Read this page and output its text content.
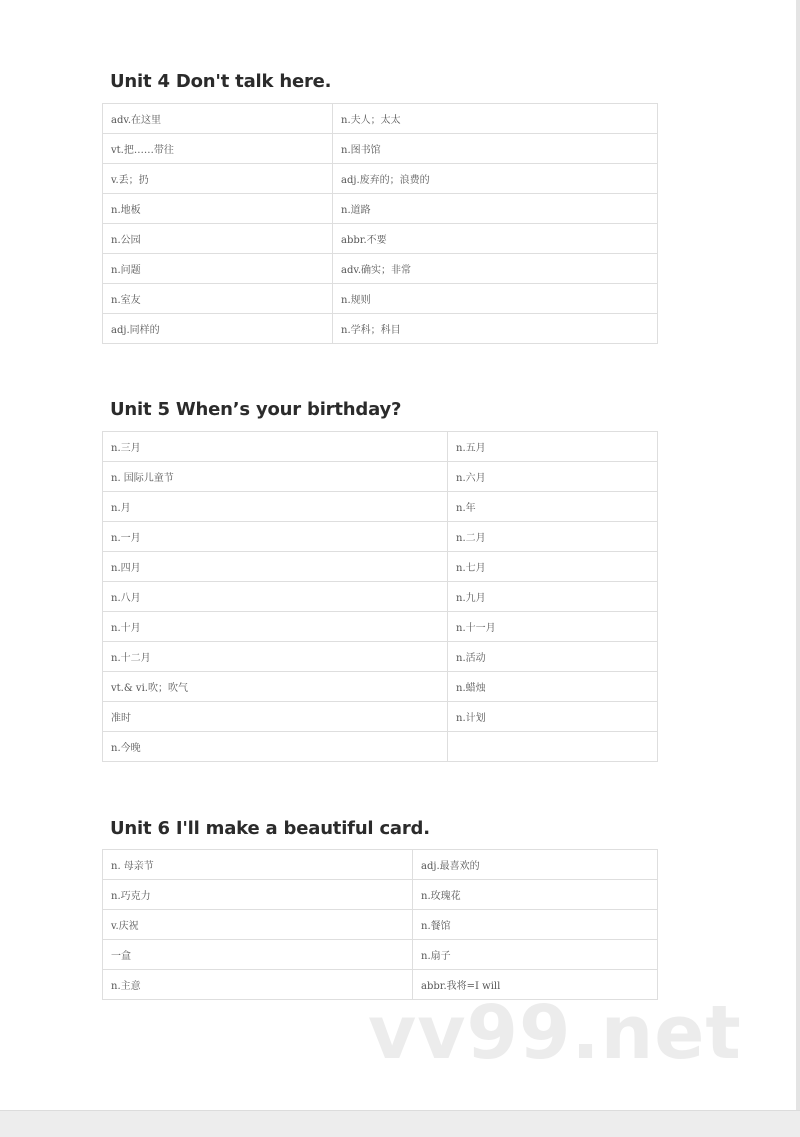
Unit 4 Don't talk here.
adv.在这里	n.夫人；太太
vt.把……带往	n.图书馆
v.丢；扔	adj.废弃的；浪费的
n.地板	n.道路
n.公园	abbr.不要
n.问题	adv.确实；非常
n.室友	n.规则
adj.同样的	n.学科；科目
Unit 5 When’s your birthday?
n.三月	n.五月
n. 国际儿童节	n.六月
n.月	n.年
n.一月	n.二月
n.四月	n.七月
n.八月	n.九月
n.十月	n.十一月
n.十二月	n.活动
vt.& vi.吹；吹气	n.蜡烛
准时	n.计划
n.今晚	
Unit 6 I'll make a beautiful card.
n. 母亲节	adj.最喜欢的
n.巧克力	n.玫瑰花
v.庆祝	n.餐馆
一盒	n.扇子
n.主意	abbr.我将=I will
vv99.net
